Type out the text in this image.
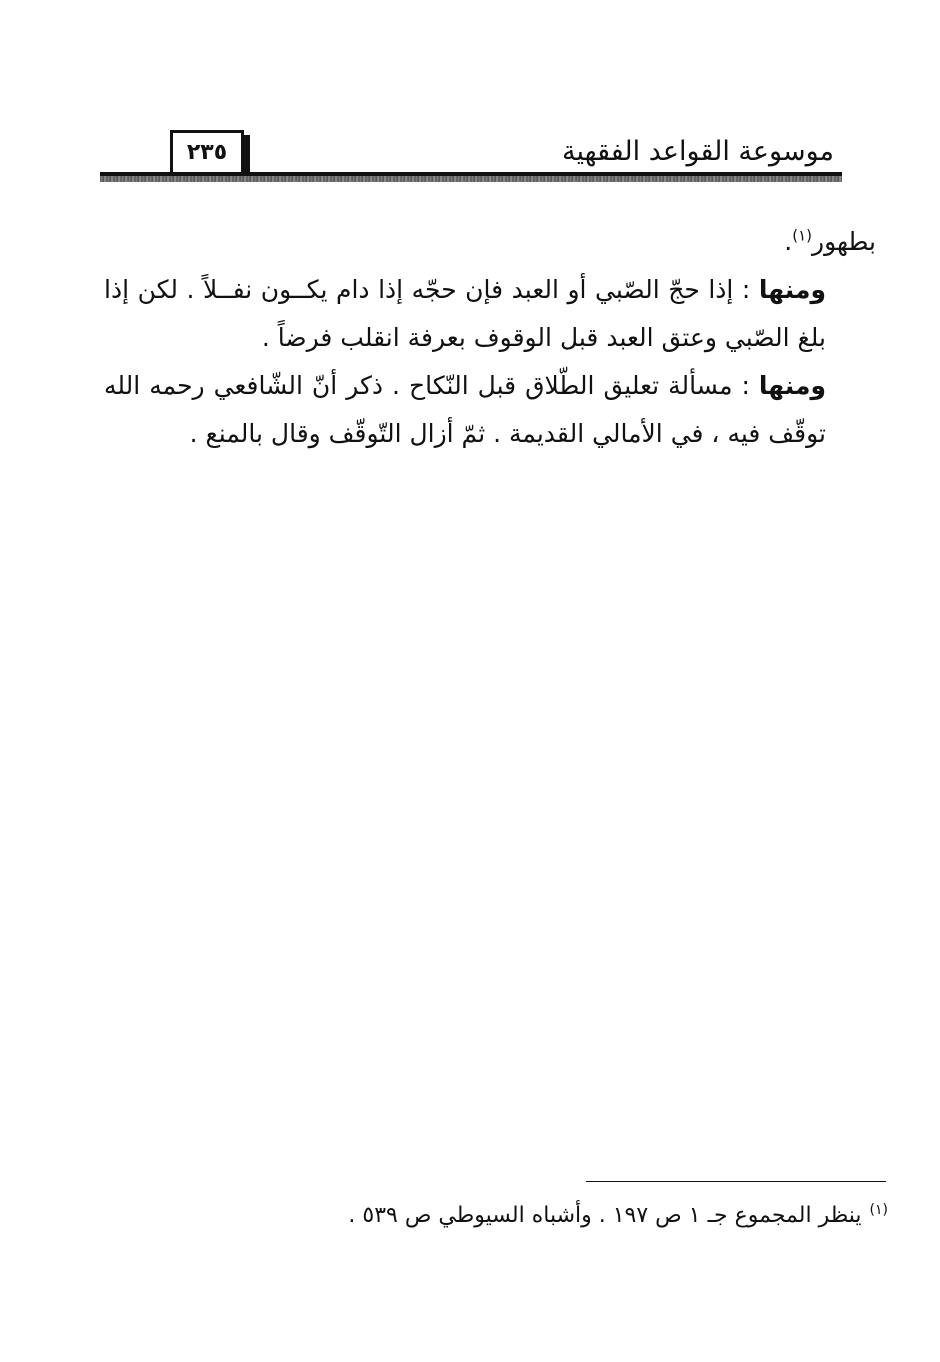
موسوعة القواعد الفقهية
٢٣٥

بطهور$^{(١)}$.

ومنها : إذا حجّ الصّبي أو العبد فإن حجّه إذا دام يكــون نفــلاً . لكن إذا بلغ الصّبي وعتق العبد قبل الوقوف بعرفة انقلب فرضاً .

ومنها : مسألة تعليق الطّلاق قبل النّكاح . ذكر أنّ الشّافعي رحمه الله توقّف فيه ، في الأمالي القديمة . ثمّ أزال التّوقّف وقال بالمنع .

$^{(١)}$ينظر المجموع جـ ١ ص ١٩٧ . وأشباه السيوطي ص ٥٣٩ .
